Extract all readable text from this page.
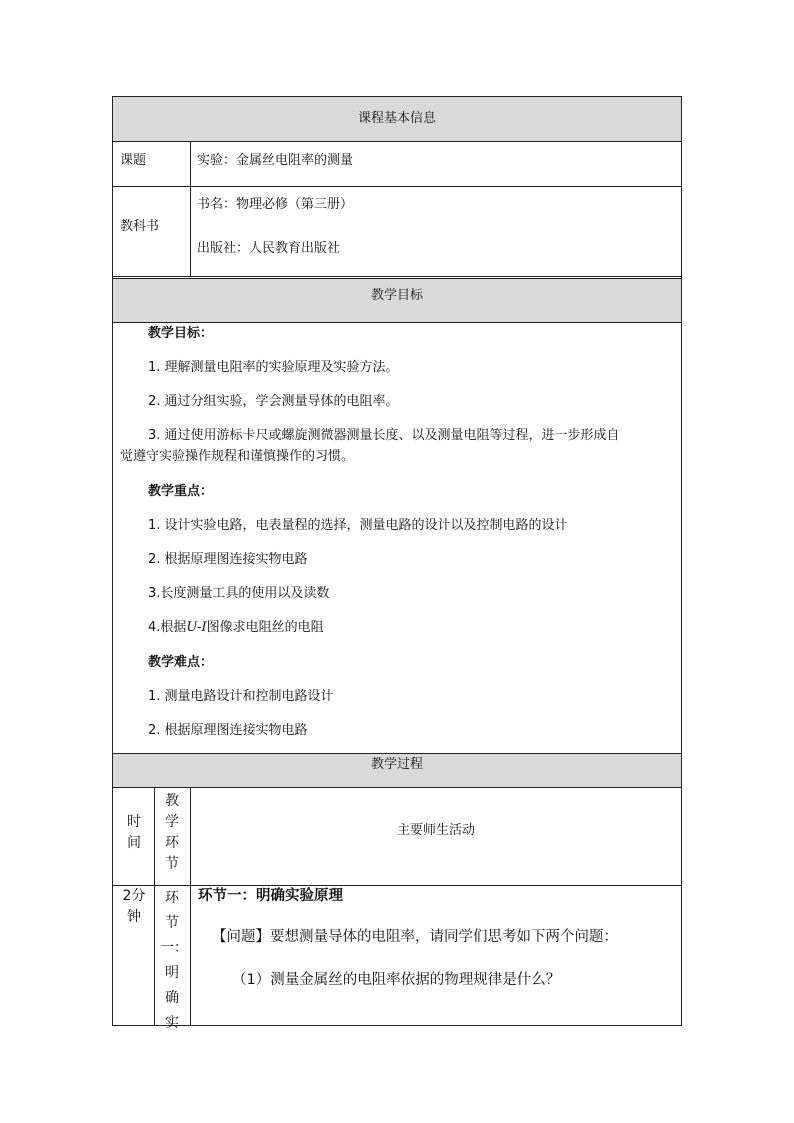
课程基本信息
课题	实验：金属丝电阻率的测量
教科书
书名：物理必修（第三册）
出版社：人民教育出版社
教学目标
教学目标：
1. 理解测量电阻率的实验原理及实验方法。
2. 通过分组实验，学会测量导体的电阻率。
3. 通过使用游标卡尺或螺旋测微器测量长度、以及测量电阻等过程，进一步形成自
觉遵守实验操作规程和谨慎操作的习惯。
教学重点：
1. 设计实验电路，电表量程的选择，测量电路的设计以及控制电路的设计
2. 根据原理图连接实物电路
3.长度测量工具的使用以及读数
4.根据U-I图像求电阻丝的电阻
教学难点：
1. 测量电路设计和控制电路设计
2. 根据原理图连接实物电路
教学过程
时间
教学环节
主要师生活动
2分钟
环节一：明确实
环节一：明确实验原理
【问题】要想测量导体的电阻率，请同学们思考如下两个问题：
（1）测量金属丝的电阻率依据的物理规律是什么？
